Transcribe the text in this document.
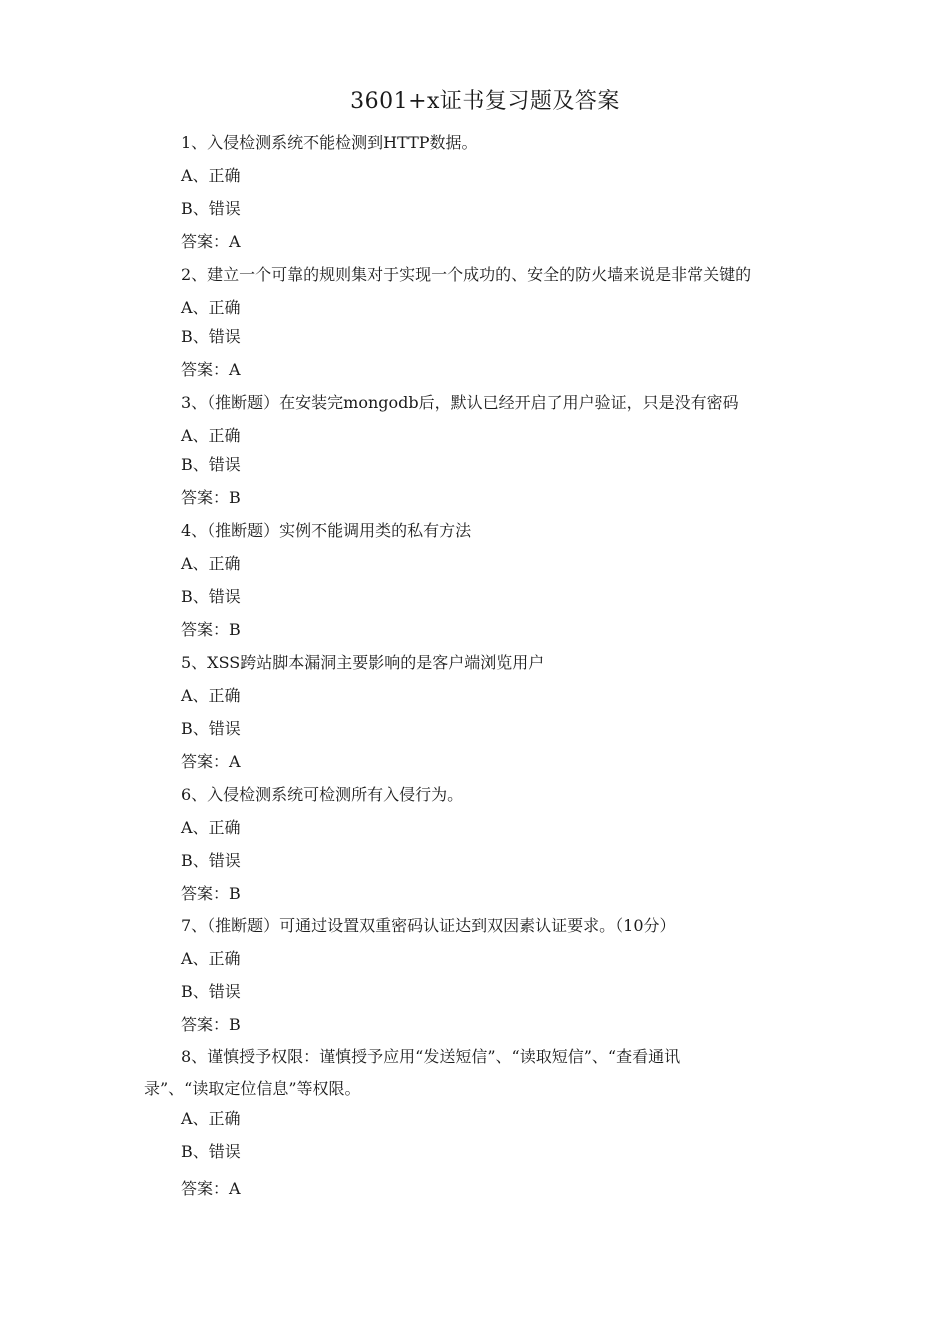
3601+x证书复习题及答案
1、入侵检测系统不能检测到HTTP数据。
A、正确
B、错误
答案：A
2、建立一个可靠的规则集对于实现一个成功的、安全的防火墙来说是非常关键的
A、正确
B、错误
答案：A
3、（推断题）在安装完mongodb后，默认已经开启了用户验证，只是没有密码
A、正确
B、错误
答案：B
4、（推断题）实例不能调用类的私有方法
A、正确
B、错误
答案：B
5、XSS跨站脚本漏洞主要影响的是客户端浏览用户
A、正确
B、错误
答案：A
6、入侵检测系统可检测所有入侵行为。
A、正确
B、错误
答案：B
7、（推断题）可通过设置双重密码认证达到双因素认证要求。（10分）
A、正确
B、错误
答案：B
8、谨慎授予权限：谨慎授予应用“发送短信”、“读取短信”、“查看通讯
录”、“读取定位信息”等权限。
A、正确
B、错误
答案：A
